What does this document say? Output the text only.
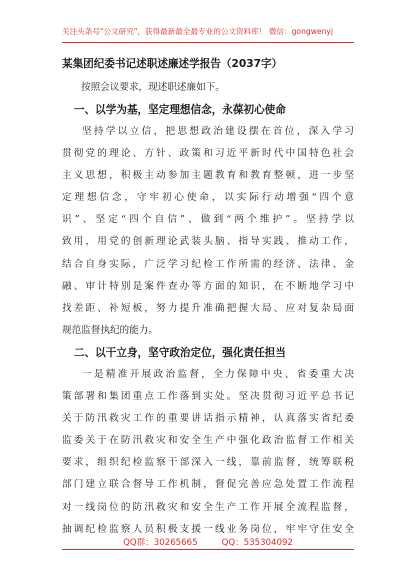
关注头条号"公文研究"，获得最新最全最专业的公文资料库！ 微信：gongwenyj
某集团纪委书记述职述廉述学报告（2037字）

按照会议要求，现述职述廉如下。

一、以学为基，坚定理想信念，永葆初心使命

坚持学以立信，把思想政治建设摆在首位，深入学习
贯彻党的理论、方针、政策和习近平新时代中国特色社会
主义思想，积极主动参加主题教育和教育整顿，进一步坚
定理想信念，守牢初心使命，以实际行动增强“四个意
识”、坚定“四个自信”、做到“两个维护”。坚持学以
致用，用党的创新理论武装头脑、指导实践、推动工作，
结合自身实际，广泛学习纪检工作所需的经济、法律、金
融、审计特别是案件查办等方面的知识，在不断地学习中
找差距、补短板，努力提升准确把握大局、应对复杂局面
规范监督执纪的能力。

二、以干立身，坚守政治定位，强化责任担当

一是精准开展政治监督，全力保障中央、省委重大决
策部署和集团重点工作落到实处。坚决贯彻习近平总书记
关于防汛救灾工作的重要讲话指示精神，认真落实省纪委
监委关于在防汛救灾和安全生产中强化政治监督工作相关
要求，组织纪检监察干部深入一线，靠前监督，统筹联税
部门建立联合督导工作机制，督促完善应急处置工作流程
对一线岗位的防汛救灾和安全生产工作开展全流程监督，
抽调纪检监察人员积极支援一线业务岗位，牢牢守住安全

QQ群：30265665	QQ：535304092
